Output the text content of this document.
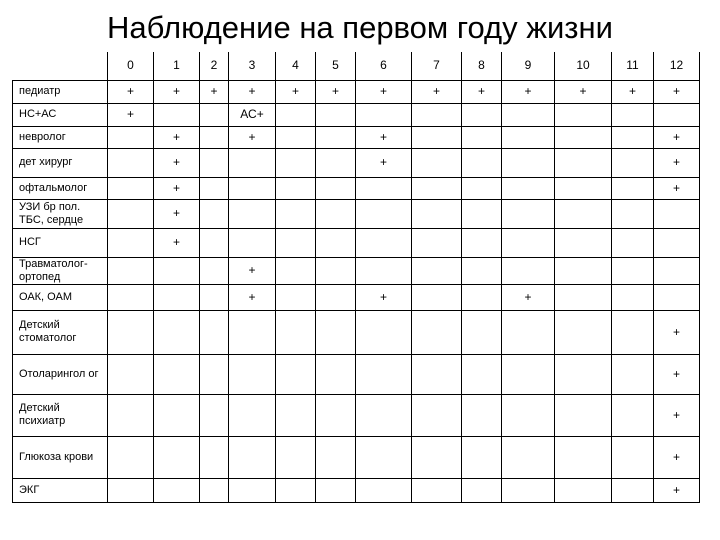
Наблюдение на первом году жизни
	0	1	2	3	4	5	6	7	8	9	10	11	12
педиатр	+	+	+	+	+	+	+	+	+	+	+	+	+
НС+АС	+			АС+									
невролог		+		+			+						+
дет хирург		+					+						+
офтальмолог		+											+
УЗИ бр пол. ТБС, сердце		+											
НСГ		+											
Травматолог-ортопед				+									
ОАК, ОАМ				+			+			+			
Детский стоматолог													+
Отоларингол ог													+
Детский психиатр													+
Глюкоза крови													+
ЭКГ													+
